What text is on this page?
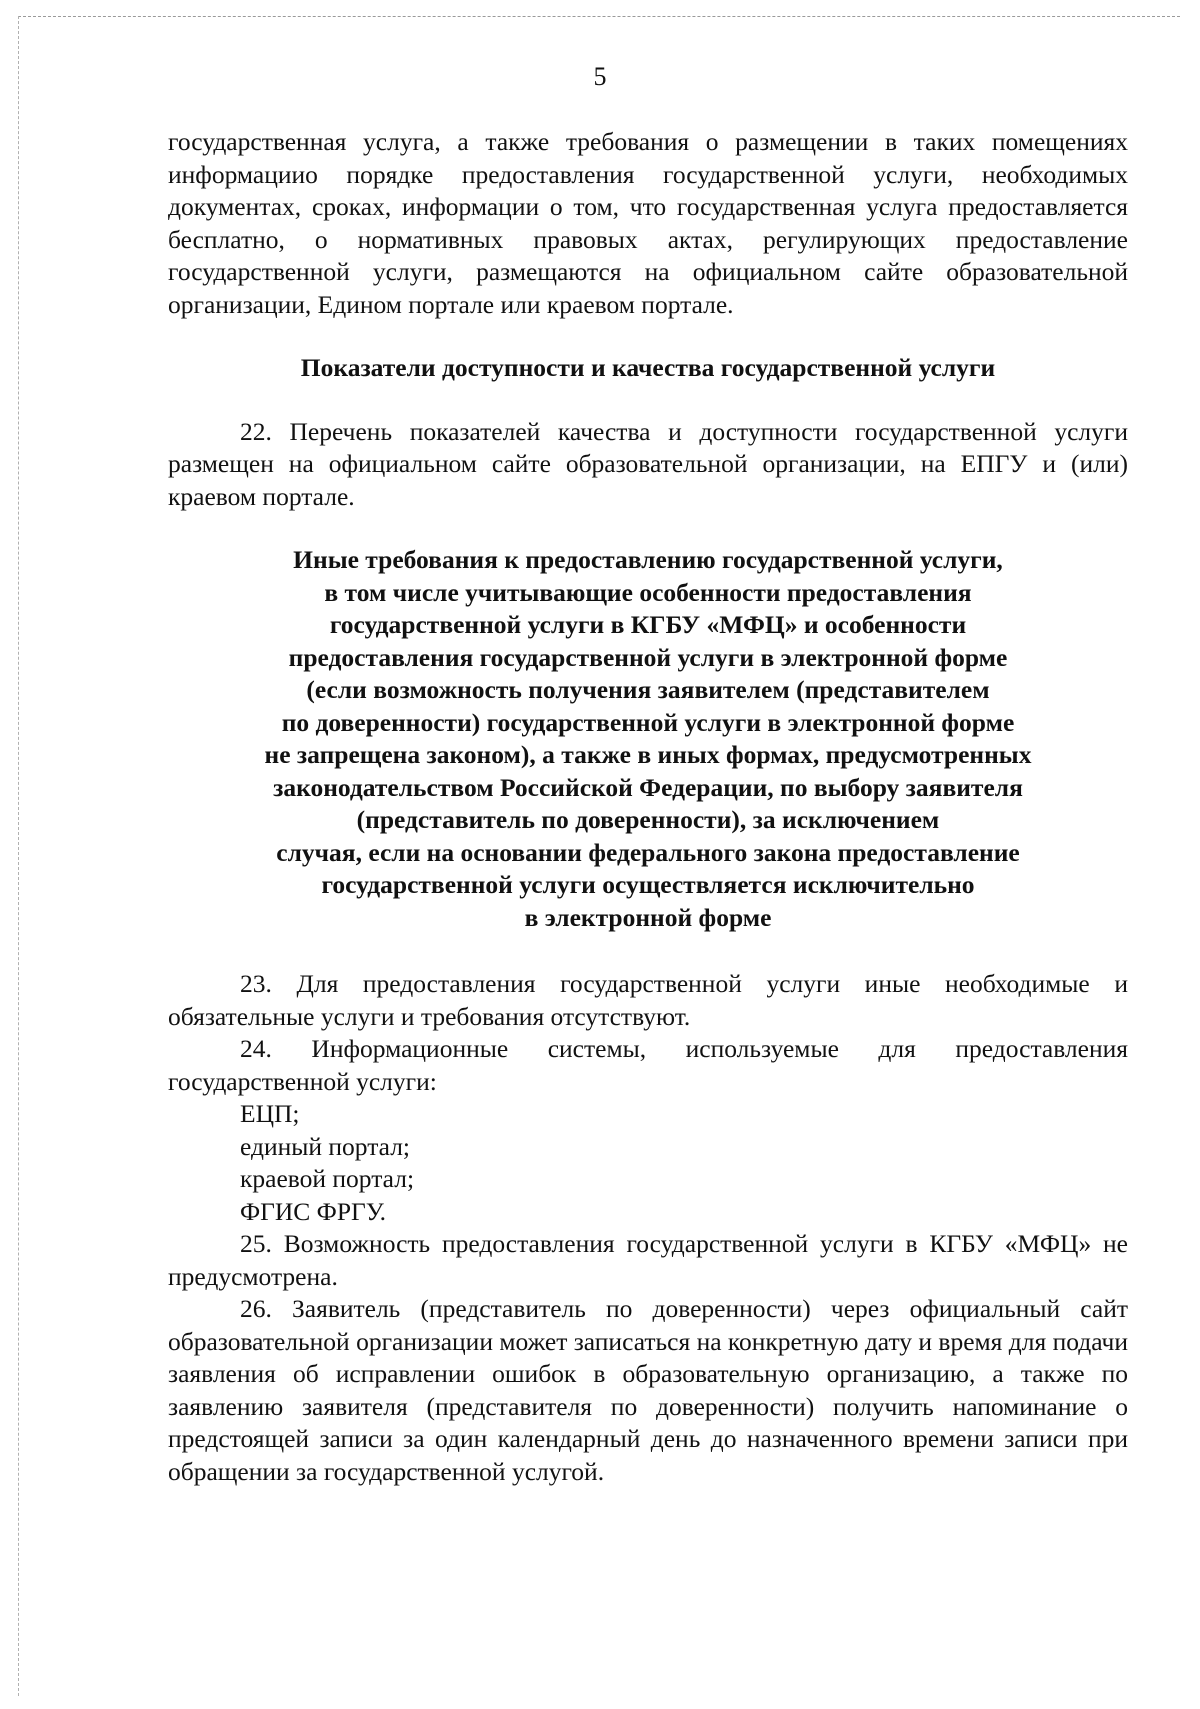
5

государственная услуга, а также требования о размещении в таких помещениях информациио порядке предоставления государственной услуги, необходимых документах, сроках, информации о том, что государственная услуга предоставляется бесплатно, о нормативных правовых актах, регулирующих предоставление государственной услуги, размещаются на официальном сайте образовательной организации, Едином портале или краевом портале.

Показатели доступности и качества государственной услуги

22. Перечень показателей качества и доступности государственной услуги размещен на официальном сайте образовательной организации, на ЕПГУ и (или) краевом портале.

Иные требования к предоставлению государственной услуги,

в том числе учитывающие особенности предоставления

государственной услуги в КГБУ «МФЦ» и особенности

предоставления государственной услуги в электронной форме

(если возможность получения заявителем (представителем

по доверенности) государственной услуги в электронной форме

не запрещена законом), а также в иных формах, предусмотренных

законодательством Российской Федерации, по выбору заявителя

(представитель по доверенности), за исключением

случая, если на основании федерального закона предоставление

государственной услуги осуществляется исключительно

в электронной форме

23. Для предоставления государственной услуги иные необходимые и обязательные услуги и требования отсутствуют.

24. Информационные системы, используемые для предоставления государственной услуги:

ЕЦП;

единый портал;

краевой портал;

ФГИС ФРГУ.

25. Возможность предоставления государственной услуги в КГБУ «МФЦ» не предусмотрена.

26. Заявитель (представитель по доверенности) через официальный сайт образовательной организации может записаться на конкретную дату и время для подачи заявления об исправлении ошибок в образовательную организацию, а также по заявлению заявителя (представителя по доверенности) получить напоминание о предстоящей записи за один календарный день до назначенного времени записи при обращении за государственной услугой.
